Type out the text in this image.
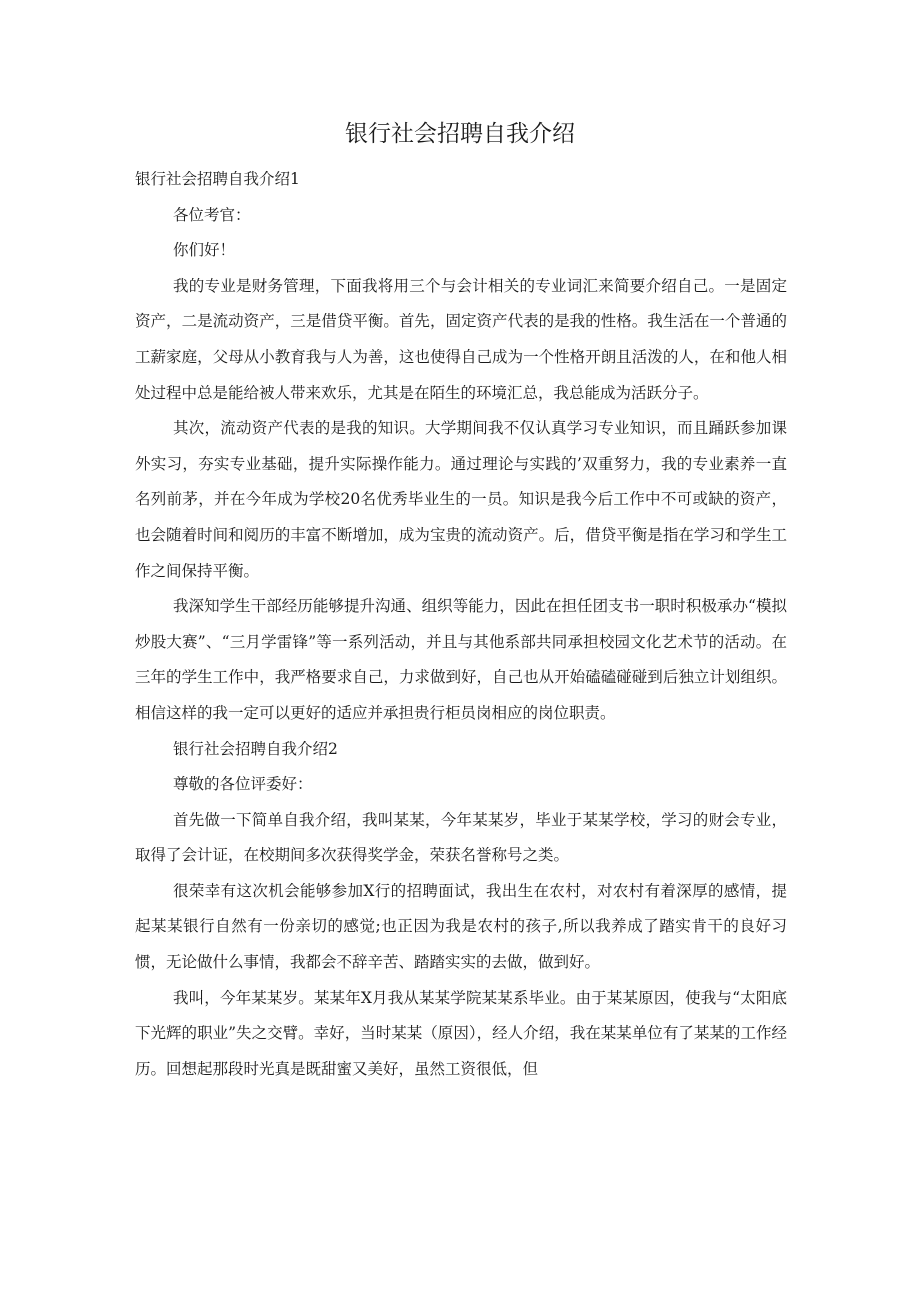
银行社会招聘自我介绍

银行社会招聘自我介绍1

各位考官：

你们好！

我的专业是财务管理，下面我将用三个与会计相关的专业词汇来简要介绍自己。一是固定资产，二是流动资产，三是借贷平衡。首先，固定资产代表的是我的性格。我生活在一个普通的工薪家庭，父母从小教育我与人为善，这也使得自己成为一个性格开朗且活泼的人，在和他人相处过程中总是能给被人带来欢乐，尤其是在陌生的环境汇总，我总能成为活跃分子。

其次，流动资产代表的是我的知识。大学期间我不仅认真学习专业知识，而且踊跃参加课外实习，夯实专业基础，提升实际操作能力。通过理论与实践的’双重努力，我的专业素养一直名列前茅，并在今年成为学校20名优秀毕业生的一员。知识是我今后工作中不可或缺的资产，也会随着时间和阅历的丰富不断增加，成为宝贵的流动资产。后，借贷平衡是指在学习和学生工作之间保持平衡。

我深知学生干部经历能够提升沟通、组织等能力，因此在担任团支书一职时积极承办“模拟炒股大赛”、“三月学雷锋”等一系列活动，并且与其他系部共同承担校园文化艺术节的活动。在三年的学生工作中，我严格要求自己，力求做到好，自己也从开始磕磕碰碰到后独立计划组织。相信这样的我一定可以更好的适应并承担贵行柜员岗相应的岗位职责。

银行社会招聘自我介绍2

尊敬的各位评委好：

首先做一下简单自我介绍，我叫某某，今年某某岁，毕业于某某学校，学习的财会专业，取得了会计证，在校期间多次获得奖学金，荣获名誉称号之类。

很荣幸有这次机会能够参加X行的招聘面试，我出生在农村，对农村有着深厚的感情，提起某某银行自然有一份亲切的感觉;也正因为我是农村的孩子,所以我养成了踏实肯干的良好习惯，无论做什么事情，我都会不辞辛苦、踏踏实实的去做，做到好。

我叫，今年某某岁。某某年X月我从某某学院某某系毕业。由于某某原因，使我与“太阳底下光辉的职业”失之交臂。幸好，当时某某（原因），经人介绍，我在某某单位有了某某的工作经历。回想起那段时光真是既甜蜜又美好，虽然工资很低，但
